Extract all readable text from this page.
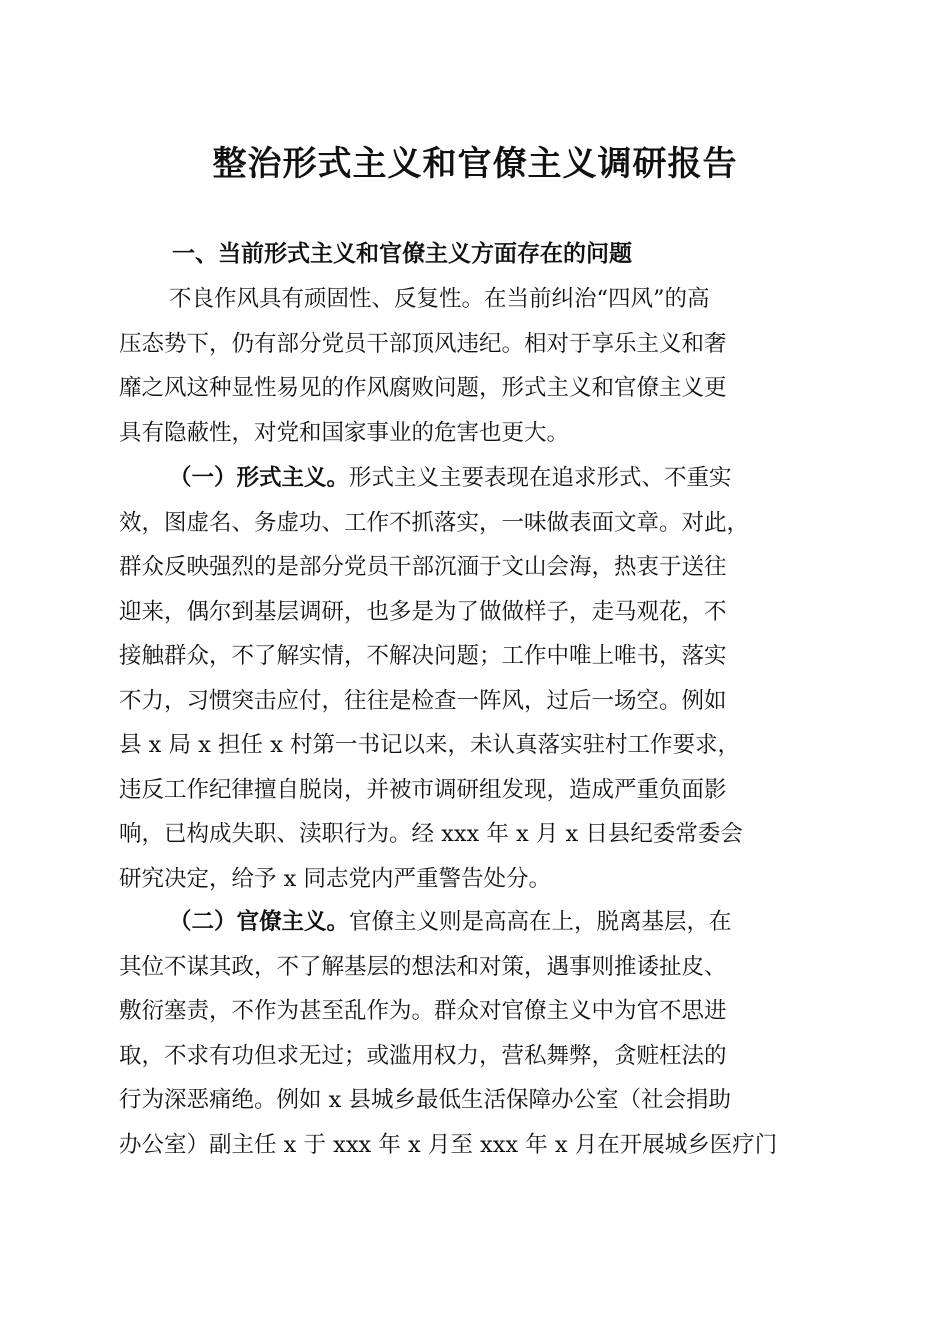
整治形式主义和官僚主义调研报告
一、当前形式主义和官僚主义方面存在的问题
不良作风具有顽固性、反复性。在当前纠治“四风”的高
压态势下，仍有部分党员干部顶风违纪。相对于享乐主义和奢
靡之风这种显性易见的作风腐败问题，形式主义和官僚主义更
具有隐蔽性，对党和国家事业的危害也更大。
（一）形式主义。形式主义主要表现在追求形式、不重实
效，图虚名、务虚功、工作不抓落实，一味做表面文章。对此，
群众反映强烈的是部分党员干部沉湎于文山会海，热衷于送往
迎来，偶尔到基层调研，也多是为了做做样子，走马观花，不
接触群众，不了解实情，不解决问题；工作中唯上唯书，落实
不力，习惯突击应付，往往是检查一阵风，过后一场空。例如
县 x 局 x 担任 x 村第一书记以来，未认真落实驻村工作要求，
违反工作纪律擅自脱岗，并被市调研组发现，造成严重负面影
响，已构成失职、渎职行为。经 xxx 年 x 月 x 日县纪委常委会
研究决定，给予 x 同志党内严重警告处分。
（二）官僚主义。官僚主义则是高高在上，脱离基层，在
其位不谋其政，不了解基层的想法和对策，遇事则推诿扯皮、
敷衍塞责，不作为甚至乱作为。群众对官僚主义中为官不思进
取，不求有功但求无过；或滥用权力，营私舞弊，贪赃枉法的
行为深恶痛绝。例如 x 县城乡最低生活保障办公室（社会捐助
办公室）副主任 x 于 xxx 年 x 月至 xxx 年 x 月在开展城乡医疗门
